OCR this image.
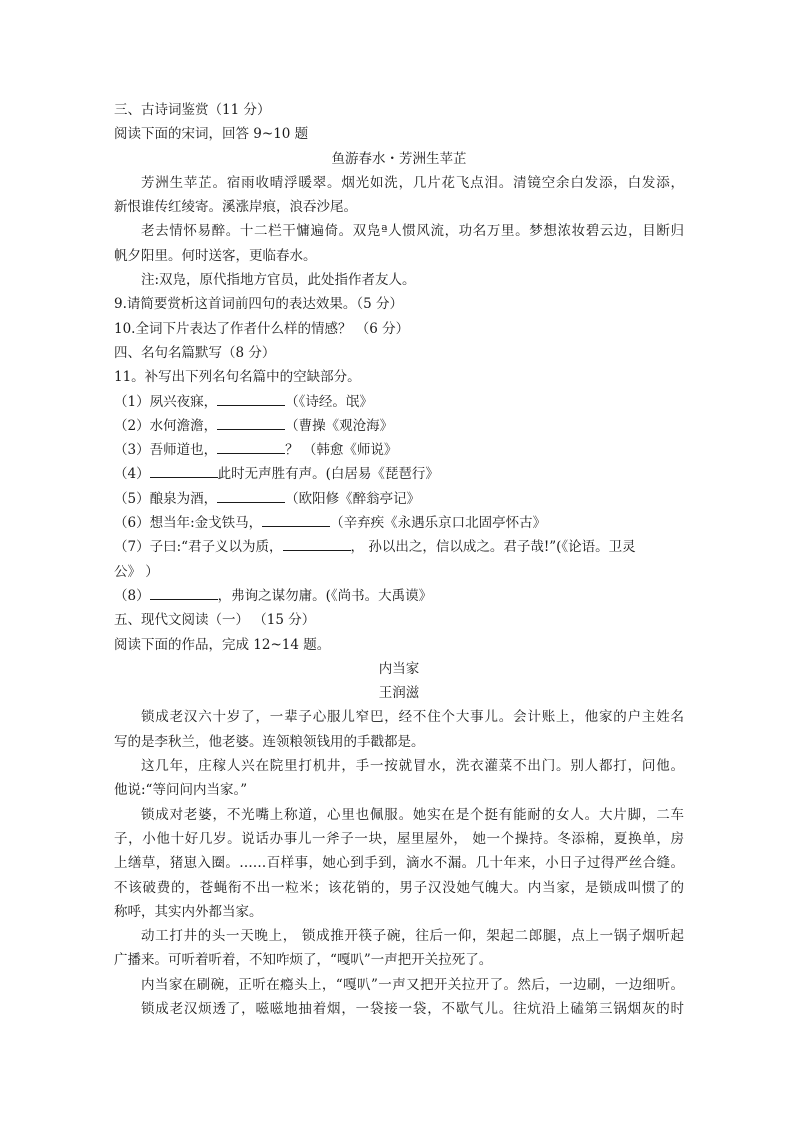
三、古诗词鉴赏（11 分）
阅读下面的宋词，回答 9~10 题
鱼游春水・芳洲生苹芷
芳洲生苹芷。宿雨收晴浮暖翠。烟光如洗，几片花飞点泪。清镜空余白发添，白发添，
新恨谁传红绫寄。溪涨岸痕，浪吞沙尾。
老去情怀易醉。十二栏干慵遍倚。双凫ª人惯风流，功名万里。梦想浓妆碧云边，目断归
帆夕阳里。何时送客，更临春水。
注:双凫，原代指地方官员，此处指作者友人。
9.请简要赏析这首词前四句的表达效果。（5 分）
10.全词下片表达了作者什么样的情感？ （6 分）
四、名句名篇默写（8 分）
11。补写出下列名句名篇中的空缺部分。
（1）夙兴夜寐，	（《诗经。氓》
（2）水何澹澹，	（曹操《观沧海》
（3）吾师道也，	？ （韩愈《师说》
（4）	此时无声胜有声。(白居易《琵琶行》
（5）酿泉为酒，	（欧阳修《醉翁亭记》
（6）想当年:金戈铁马，	（辛弃疾《永遇乐京口北固亭怀古》
（7）子曰:“君子义以为质，	， 孙以出之，信以成之。君子哉!”(《论语。卫灵
公》 ）
（8）	，弗询之谋勿庸。(《尚书。大禹谟》
五、现代文阅读（一） （15 分）
阅读下面的作品，完成 12~14 题。
内当家
王润滋
锁成老汉六十岁了，一辈子心服儿窄巴，经不住个大事儿。会计账上，他家的户主姓名
写的是李秋兰，他老婆。连领粮领钱用的手戳都是。
这几年，庄稼人兴在院里打机井，手一按就冒水，洗衣灌菜不出门。别人都打，问他。
他说:“等问问内当家。”
锁成对老婆，不光嘴上称道，心里也佩服。她实在是个挺有能耐的女人。大片脚，二车
子，小他十好几岁。说话办事儿一斧子一块，屋里屋外， 她一个操持。冬添棉，夏换单，房
上缮草，猪崽入圈。……百样事，她心到手到，滴水不漏。几十年来，小日子过得严丝合缝。
不该破费的，苍蝇衔不出一粒米；该花销的，男子汉没她气魄大。内当家，是锁成叫惯了的
称呼，其实内外都当家。
动工打井的头一天晚上， 锁成推开筷子碗，往后一仰，架起二郎腿，点上一锅子烟听起
广播来。可听着听着，不知咋烦了，“嘎叭”一声把开关拉死了。
内当家在刷碗，正听在瘾头上，“嘎叭”一声又把开关拉开了。然后，一边刷，一边细听。
锁成老汉烦透了，嗞嗞地抽着烟，一袋接一袋，不歇气儿。往炕沿上磕第三锅烟灰的时
